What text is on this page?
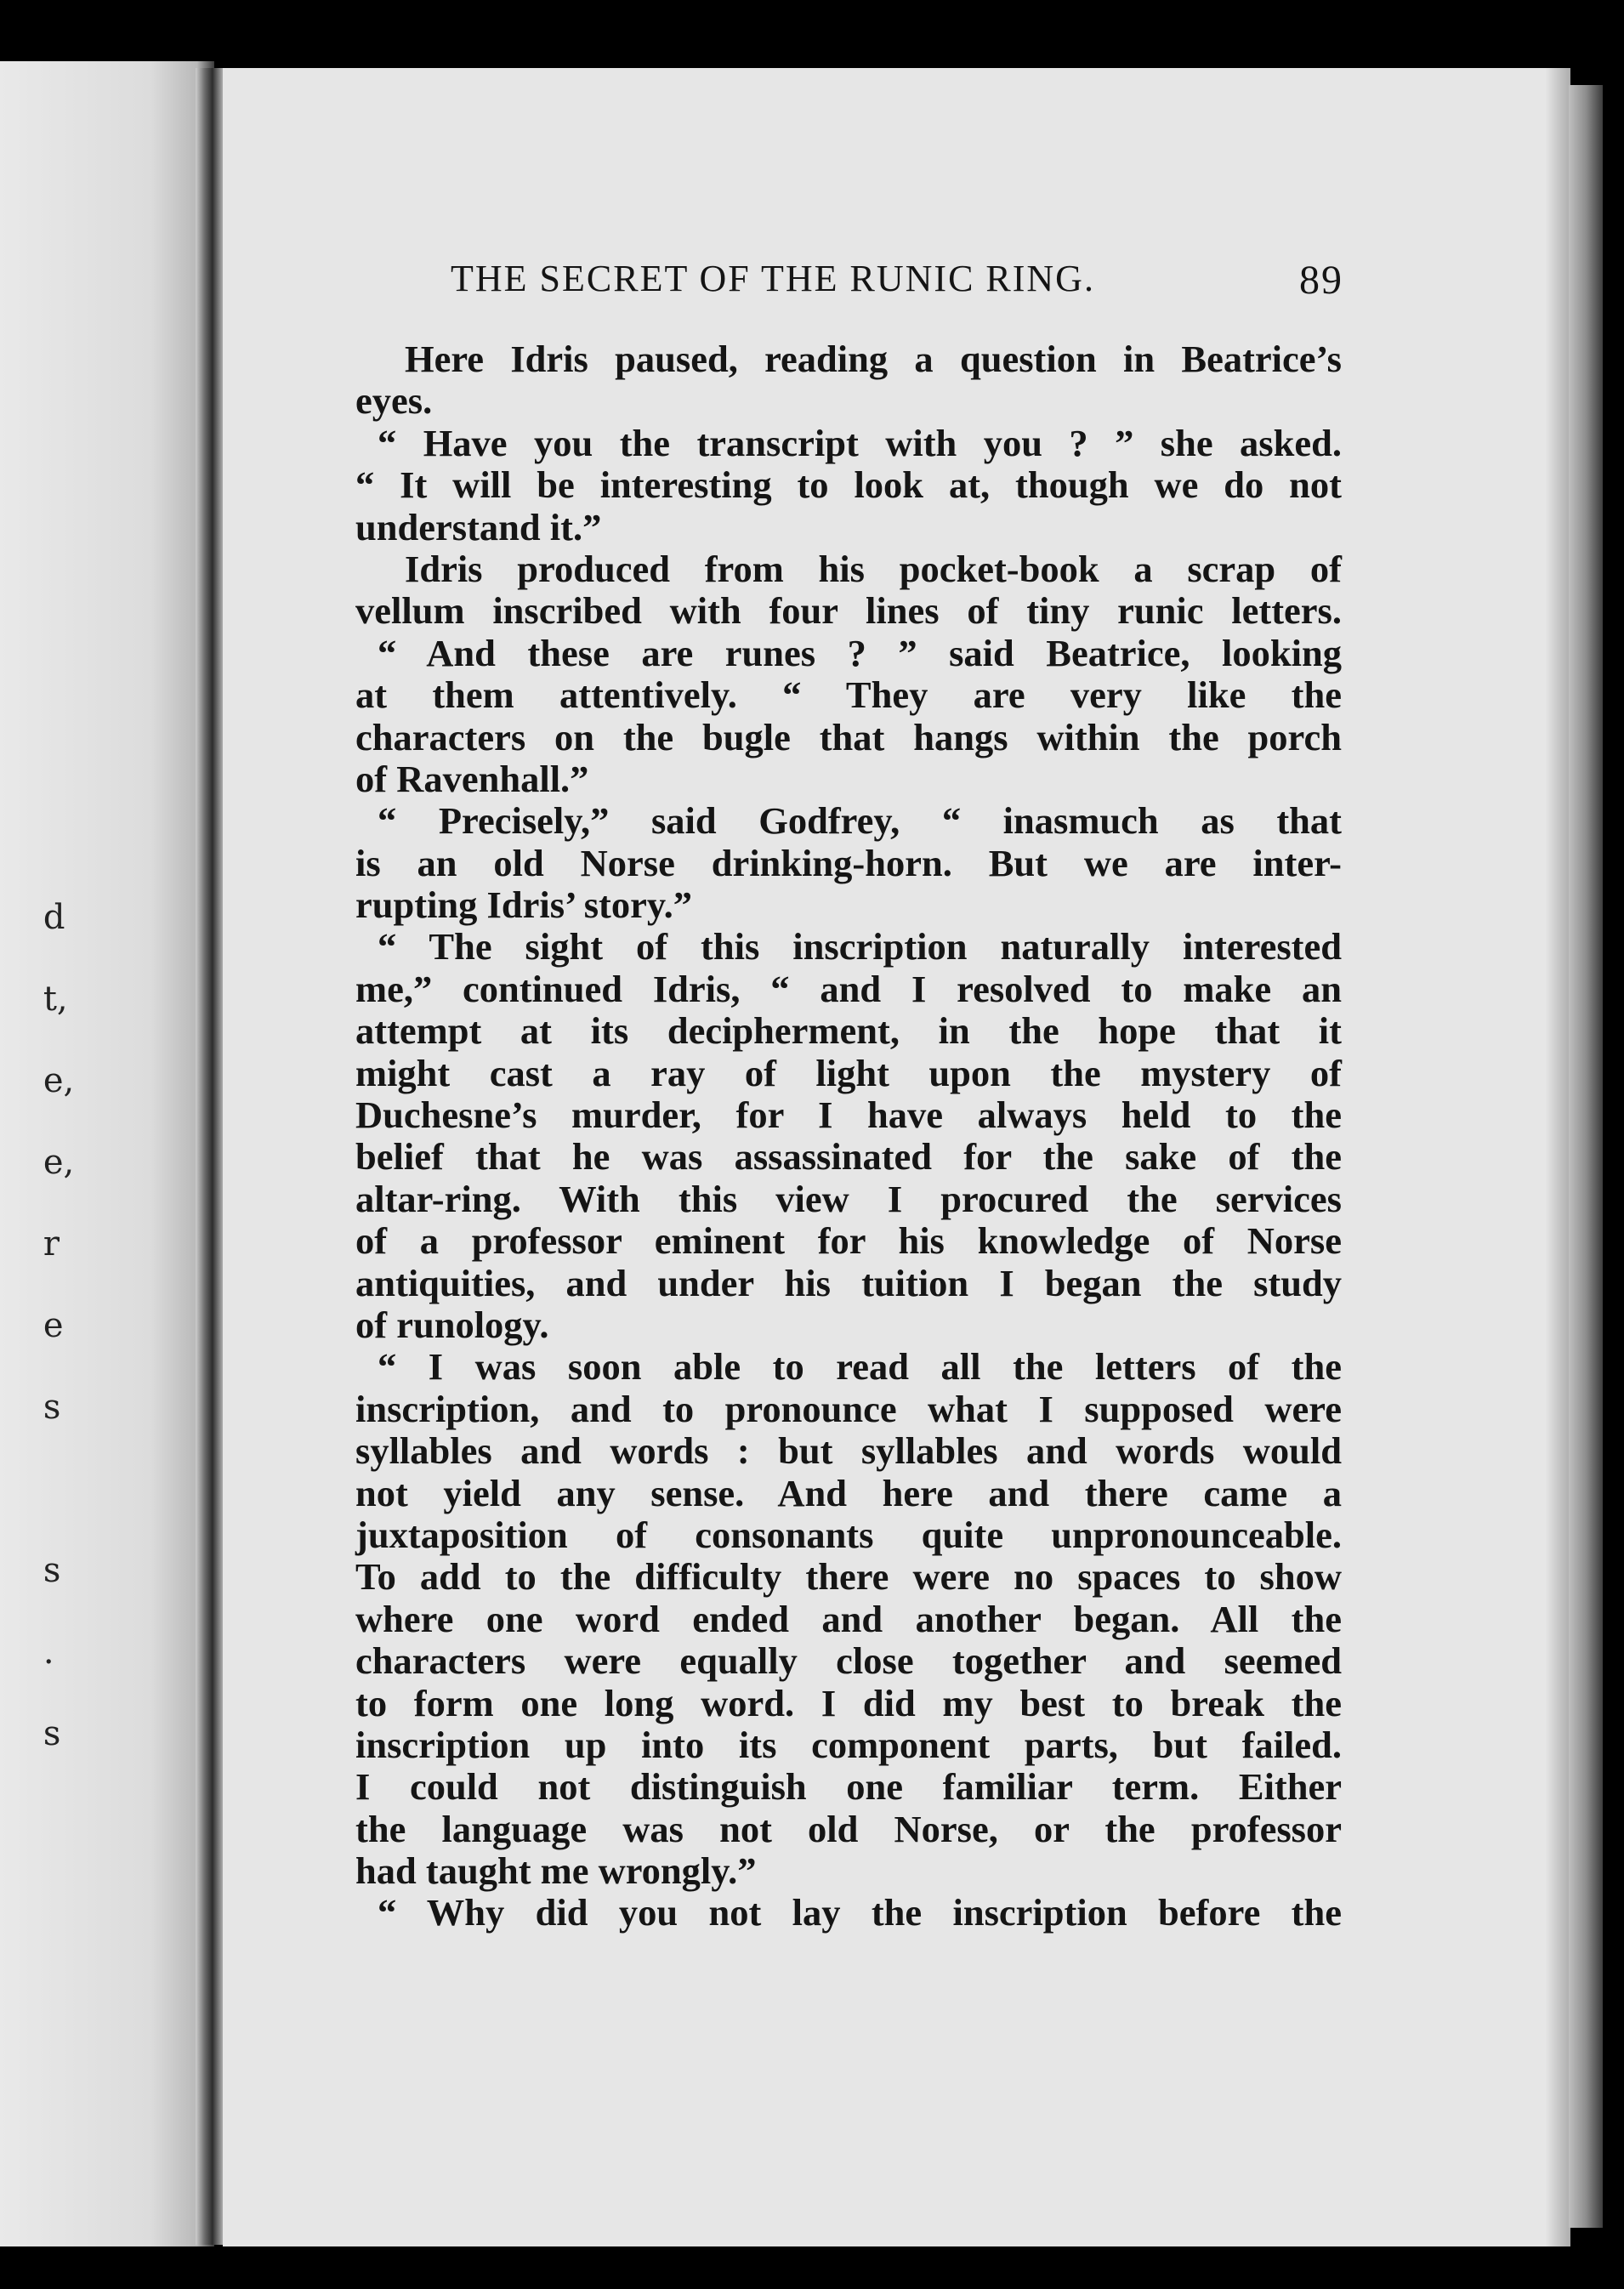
d

t,

e,

e,

r

e

s

s

.

s

THE SECRET OF THE RUNIC RING.	89
Here Idris paused, reading a question in Beatrice’s
eyes.
“ Have you the transcript with you ? ” she asked.
“ It will be interesting to look at, though we do not
understand it.”
Idris produced from his pocket-book a scrap of
vellum inscribed with four lines of tiny runic letters.
“ And these are runes ? ” said Beatrice, looking
at them attentively. “ They are very like the
characters on the bugle that hangs within the porch
of Ravenhall.”
“ Precisely,” said Godfrey, “ inasmuch as that
is an old Norse drinking-horn. But we are inter-
rupting Idris’ story.”
“ The sight of this inscription naturally interested
me,” continued Idris, “ and I resolved to make an
attempt at its decipherment, in the hope that it
might cast a ray of light upon the mystery of
Duchesne’s murder, for I have always held to the
belief that he was assassinated for the sake of the
altar-ring. With this view I procured the services
of a professor eminent for his knowledge of Norse
antiquities, and under his tuition I began the study
of runology.
“ I was soon able to read all the letters of the
inscription, and to pronounce what I supposed were
syllables and words : but syllables and words would
not yield any sense. And here and there came a
juxtaposition of consonants quite unpronounceable.
To add to the difficulty there were no spaces to show
where one word ended and another began. All the
characters were equally close together and seemed
to form one long word. I did my best to break the
inscription up into its component parts, but failed.
I could not distinguish one familiar term. Either
the language was not old Norse, or the professor
had taught me wrongly.”
“ Why did you not lay the inscription before the
